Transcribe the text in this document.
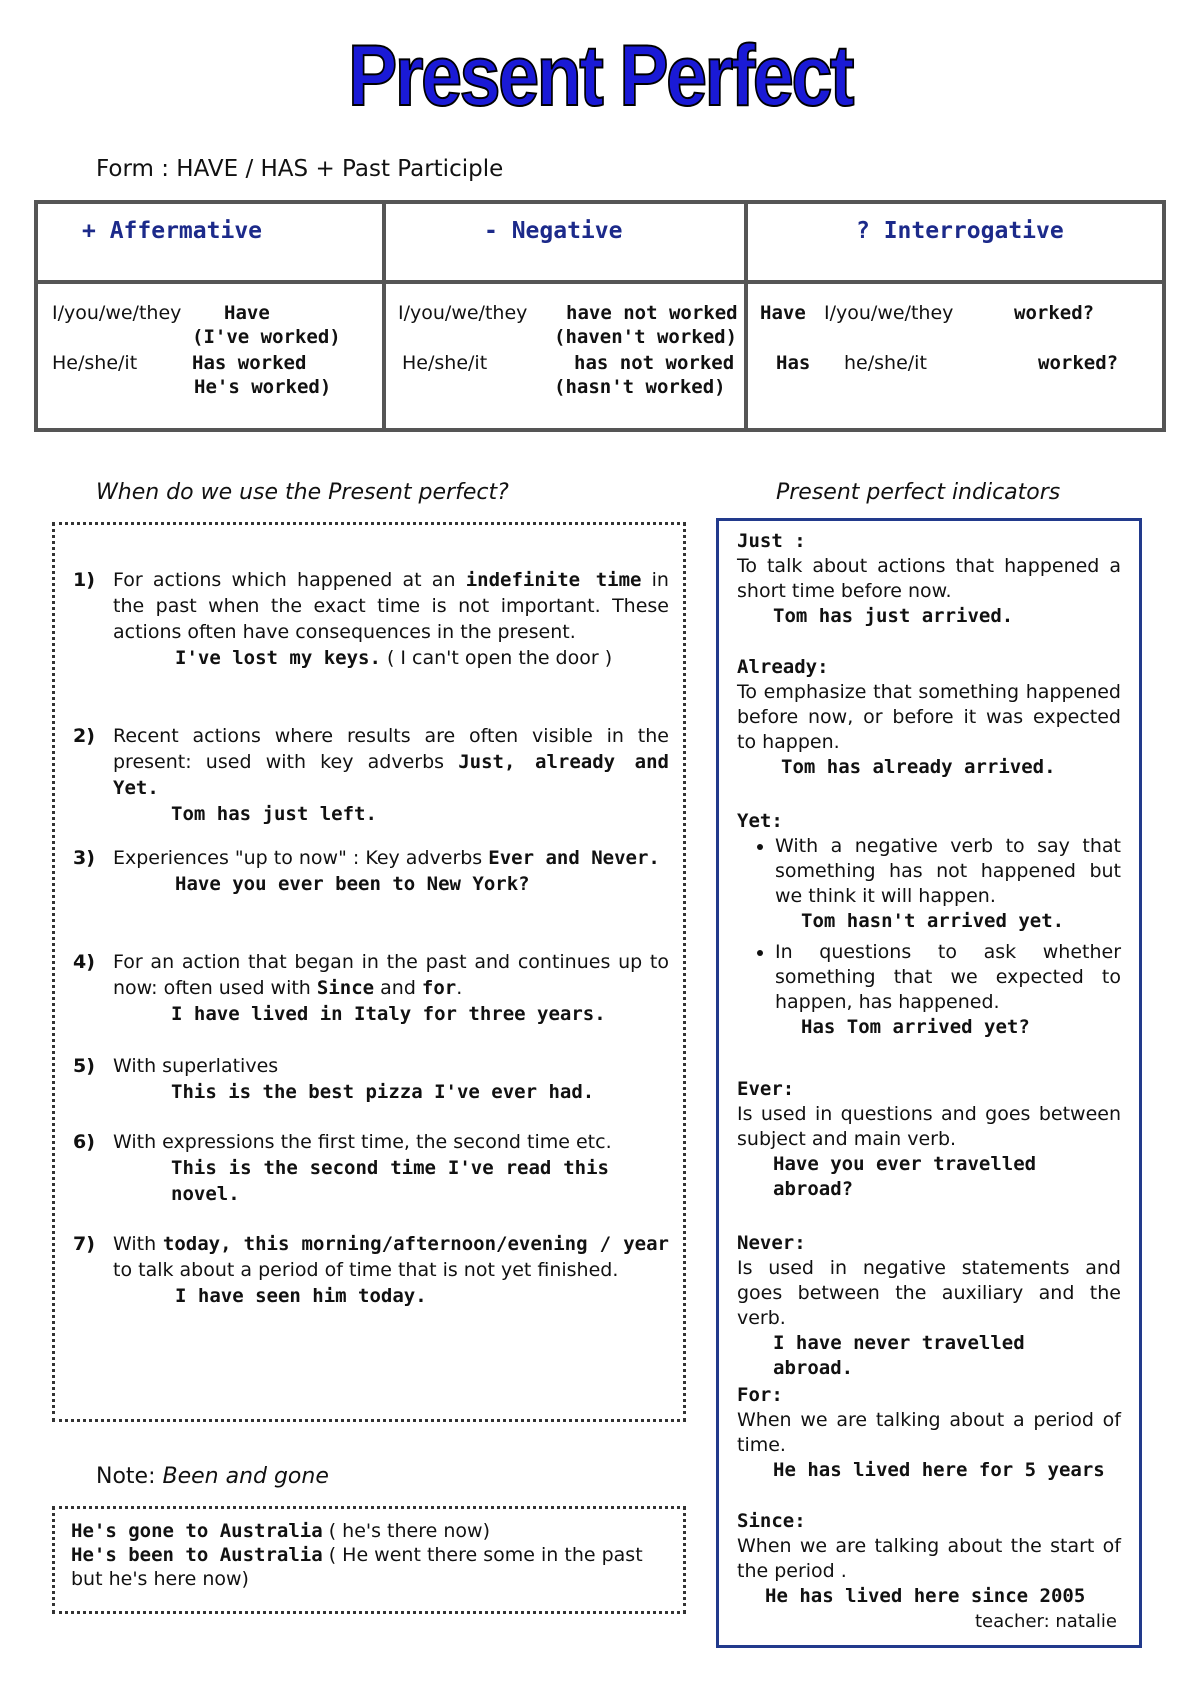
Present Perfect
Form : HAVE / HAS + Past Participle
+ Affermative	- Negative	? Interrogative
I/you/we/they Have
(I've worked)
He/she/it	Has worked
He's worked)
I/you/we/they have not worked
(haven't worked)
He/she/it	has not worked
(hasn't worked)
Have I/you/we/they	worked?
Has he/she/it	worked?
When do we use the Present perfect?
1) For actions which happened at an indefinite time in the past when the exact time is not important. These actions often have consequences in the present.
I've lost my keys. ( I can't open the door )
2) Recent actions where results are often visible in the present: used with key adverbs Just, already and Yet.
Tom has just left.
3) Experiences "up to now" : Key adverbs Ever and Never.
Have you ever been to New York?
4) For an action that began in the past and continues up to now: often used with Since and for.
I have lived in Italy for three years.
5) With superlatives
This is the best pizza I've ever had.
6) With expressions the first time, the second time etc.
This is the second time I've read this novel.
7) With today, this morning/afternoon/evening / year to talk about a period of time that is not yet finished.
I have seen him today.
Note: Been and gone
He's gone to Australia ( he's there now)
He's been to Australia ( He went there some in the past but he's here now)
Present perfect indicators
Just :
To talk about actions that happened a short time before now.
Tom has just arrived.
Already:
To emphasize that something happened before now, or before it was expected to happen.
Tom has already arrived.
Yet:
• With a negative verb to say that something has not happened but we think it will happen.
Tom hasn't arrived yet.
• In questions to ask whether something that we expected to happen, has happened.
Has Tom arrived yet?
Ever:
Is used in questions and goes between subject and main verb.
Have you ever travelled abroad?
Never:
Is used in negative statements and goes between the auxiliary and the verb.
I have never travelled abroad.
For:
When we are talking about a period of time.
He has lived here for 5 years
Since:
When we are talking about the start of the period .
He has lived here since 2005
teacher: natalie
